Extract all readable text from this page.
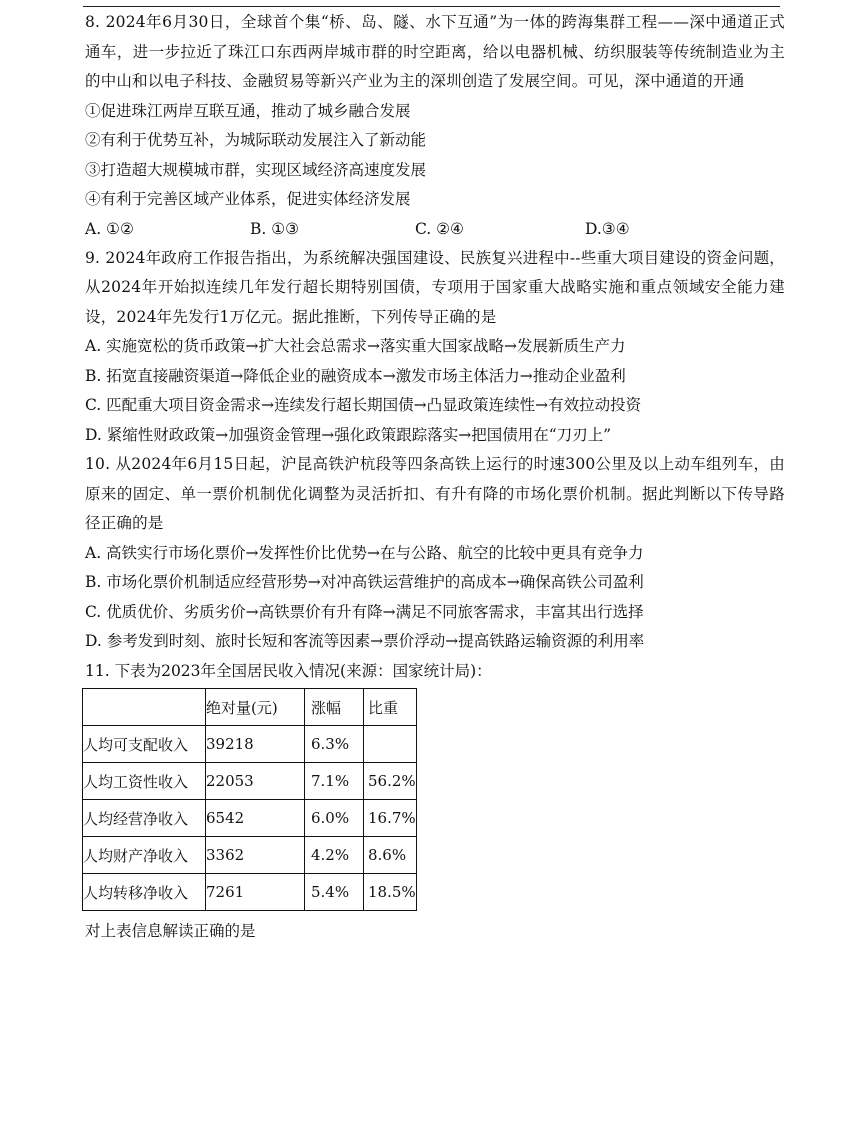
8. 2024年6月30日，全球首个集“桥、岛、隧、水下互通”为一体的跨海集群工程——深中通道正式通车，进一步拉近了珠江口东西两岸城市群的时空距离，给以电器机械、纺织服装等传统制造业为主的中山和以电子科技、金融贸易等新兴产业为主的深圳创造了发展空间。可见，深中通道的开通

①促进珠江两岸互联互通，推动了城乡融合发展

②有利于优势互补，为城际联动发展注入了新动能

③打造超大规模城市群，实现区域经济高速度发展

④有利于完善区域产业体系，促进实体经济发展

A. ①②	B. ①③	C. ②④	D.③④

9. 2024年政府工作报告指出，为系统解决强国建设、民族复兴进程中--些重大项目建设的资金问题，从2024年开始拟连续几年发行超长期特别国债，专项用于国家重大战略实施和重点领域安全能力建设，2024年先发行1万亿元。据此推断，下列传导正确的是

A. 实施宽松的货币政策→扩大社会总需求→落实重大国家战略→发展新质生产力

B. 拓宽直接融资渠道→降低企业的融资成本→激发市场主体活力→推动企业盈利

C. 匹配重大项目资金需求→连续发行超长期国债→凸显政策连续性→有效拉动投资

D. 紧缩性财政政策→加强资金管理→强化政策跟踪落实→把国债用在“刀刃上”

10. 从2024年6月15日起，沪昆高铁沪杭段等四条高铁上运行的时速300公里及以上动车组列车，由原来的固定、单一票价机制优化调整为灵活折扣、有升有降的市场化票价机制。据此判断以下传导路径正确的是

A. 高铁实行市场化票价→发挥性价比优势→在与公路、航空的比较中更具有竞争力

B. 市场化票价机制适应经营形势→对冲高铁运营维护的高成本→确保高铁公司盈利

C. 优质优价、劣质劣价→高铁票价有升有降→满足不同旅客需求，丰富其出行选择

D. 参考发到时刻、旅时长短和客流等因素→票价浮动→提高铁路运输资源的利用率

11. 下表为2023年全国居民收入情况(来源：国家统计局)：

	绝对量(元)	涨幅	比重
人均可支配收入	39218	6.3%	
人均工资性收入	22053	7.1%	56.2%
人均经营净收入	6542	6.0%	16.7%
人均财产净收入	3362	4.2%	8.6%
人均转移净收入	7261	5.4%	18.5%

对上表信息解读正确的是
